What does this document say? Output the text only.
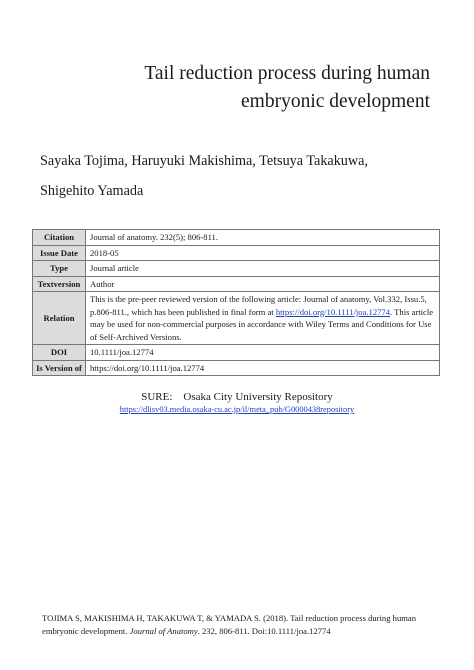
Tail reduction process during human
embryonic development
Sayaka Tojima, Haruyuki Makishima, Tetsuya Takakuwa,
Shigehito Yamada
Citation	Journal of anatomy. 232(5); 806-811.
Issue Date	2018-05
Type	Journal article
Textversion	Author
Relation	This is the pre-peer reviewed version of the following article: Journal of anatomy, Vol.332, Issu.5, p.806-811., which has been published in final form at https://doi.org/10.1111/joa.12774. This article may be used for non-commercial purposes in accordance with Wiley Terms and Conditions for Use of Self-Archived Versions.
DOI	10.1111/joa.12774
Is Version of	https://doi.org/10.1111/joa.12774
SURE:　Osaka City University Repository
https://dlisv03.media.osaka-cu.ac.jp/il/meta_pub/G0000438repository
TOJIMA S, MAKISHIMA H, TAKAKUWA T, & YAMADA S. (2018). Tail reduction process during human embryonic development. Journal of Anatomy. 232, 806-811. Doi:10.1111/joa.12774
